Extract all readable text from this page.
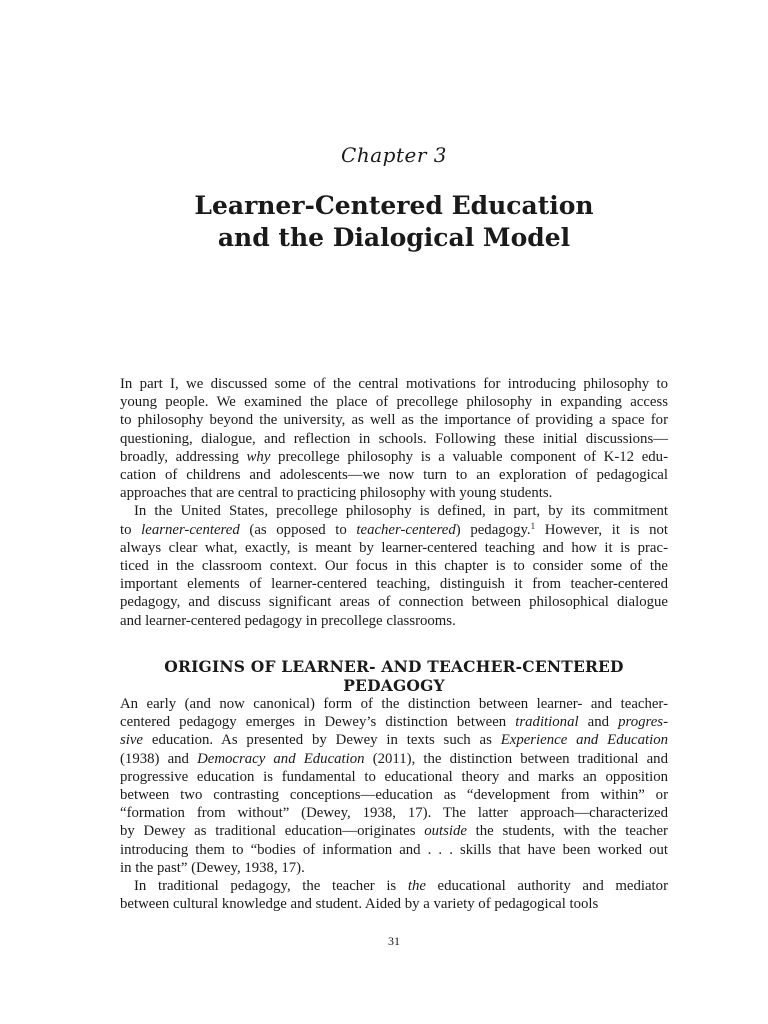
Chapter 3
Learner-Centered Education
and the Dialogical Model
In part I, we discussed some of the central motivations for introducing philosophy to
young people. We examined the place of precollege philosophy in expanding access
to philosophy beyond the university, as well as the importance of providing a space for
questioning, dialogue, and reflection in schools. Following these initial discussions—
broadly, addressing why precollege philosophy is a valuable component of K-12 edu-
cation of childrens and adolescents—we now turn to an exploration of pedagogical
approaches that are central to practicing philosophy with young students.
In the United States, precollege philosophy is defined, in part, by its commitment
to learner-centered (as opposed to teacher-centered) pedagogy.$^1$ However, it is not
always clear what, exactly, is meant by learner-centered teaching and how it is prac-
ticed in the classroom context. Our focus in this chapter is to consider some of the
important elements of learner-centered teaching, distinguish it from teacher-centered
pedagogy, and discuss significant areas of connection between philosophical dialogue
and learner-centered pedagogy in precollege classrooms.
ORIGINS OF LEARNER- AND TEACHER-CENTERED PEDAGOGY
An early (and now canonical) form of the distinction between learner- and teacher-
centered pedagogy emerges in Dewey’s distinction between traditional and progres-
sive education. As presented by Dewey in texts such as Experience and Education
(1938) and Democracy and Education (2011), the distinction between traditional and
progressive education is fundamental to educational theory and marks an opposition
between two contrasting conceptions—education as “development from within” or
“formation from without” (Dewey, 1938, 17). The latter approach—characterized
by Dewey as traditional education—originates outside the students, with the teacher
introducing them to “bodies of information and . . . skills that have been worked out
in the past” (Dewey, 1938, 17).
In traditional pedagogy, the teacher is the educational authority and mediator
between cultural knowledge and student. Aided by a variety of pedagogical tools
31
